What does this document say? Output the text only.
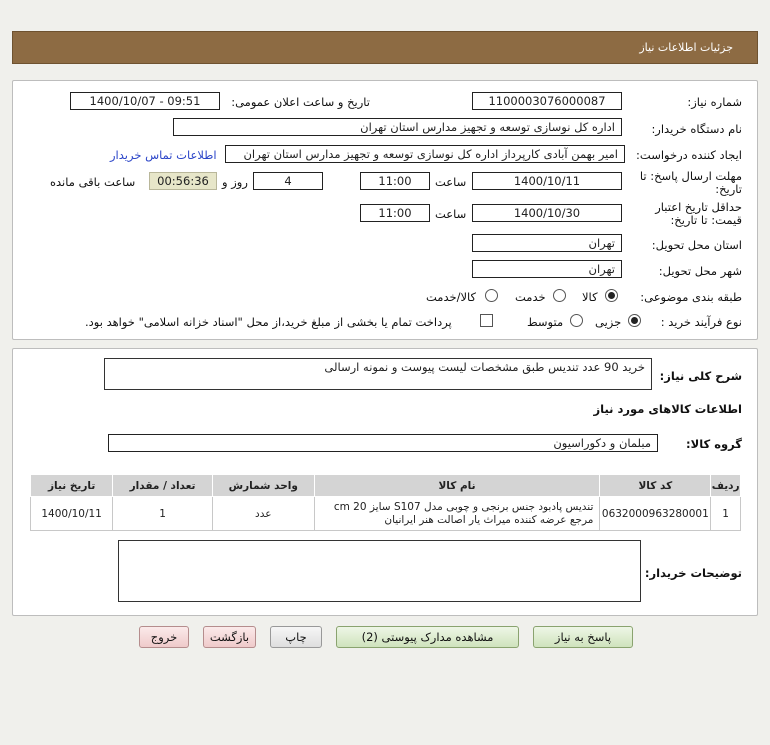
جزئیات اطلاعات نیاز
شماره نیاز:
1100003076000087
تاریخ و ساعت اعلان عمومی:
1400/10/07 - 09:51
نام دستگاه خریدار:
اداره کل نوسازی توسعه و تجهیز مدارس استان تهران
ایجاد کننده درخواست:
امیر بهمن آبادی کارپرداز اداره کل نوسازی توسعه و تجهیز مدارس استان تهران
اطلاعات تماس خریدار
مهلت ارسال پاسخ: تا
تاریخ:
1400/10/11
ساعت
11:00
4
روز و
00:56:36
ساعت باقی مانده
حداقل تاریخ اعتبار
قیمت: تا تاریخ:
1400/10/30
ساعت
11:00
استان محل تحویل:
تهران
شهر محل تحویل:
تهران
طبقه بندی موضوعی:
کالا
خدمت
کالا/خدمت
نوع فرآیند خرید :
جزیی
متوسط
پرداخت تمام یا بخشی از مبلغ خرید،از محل "اسناد خزانه اسلامی" خواهد بود.
شرح کلی نیاز:
خرید 90 عدد تندیس طبق مشخصات لیست پیوست و نمونه ارسالی
اطلاعات کالاهای مورد نیاز
گروه کالا:
مبلمان و دکوراسیون
تاریخ نیاز	تعداد / مقدار	واحد شمارش	نام کالا	کد کالا	ردیف
1400/10/11	1	عدد	تندیس پادبود جنس برنجی و چوبی مدل S107 سایز 20 cm
مرجع عرضه کننده میراث یار اصالت هنر ایرانیان	0632000963280001	1
توضیحات خریدار:
پاسخ به نیاز
مشاهده مدارک پیوستی (2)
چاپ
بازگشت
خروج
